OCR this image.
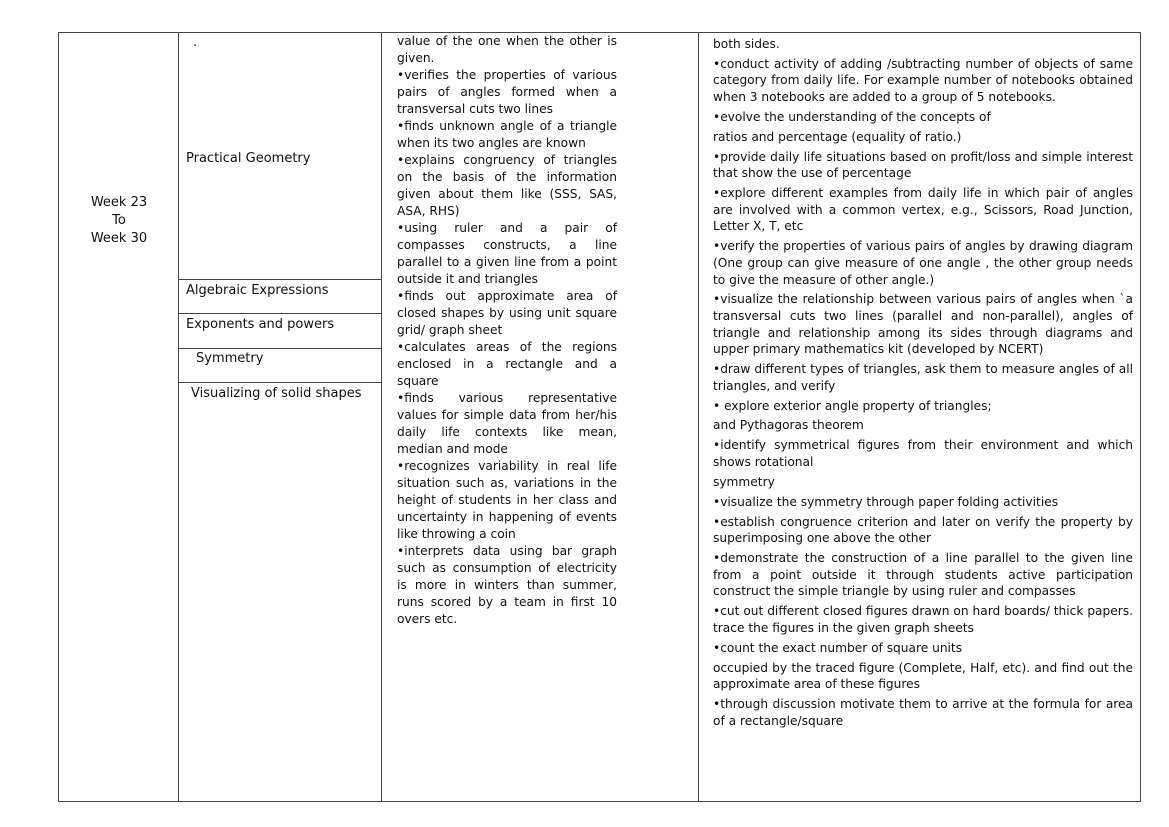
Week 23
To
Week 30
.
Practical Geometry
Algebraic Expressions
Exponents and powers
Symmetry
Visualizing of solid shapes

value of the one when the other is given.

•verifies the properties of various pairs of angles formed when a transversal cuts two lines

•finds unknown angle of a triangle when its two angles are known

•explains congruency of triangles on the basis of the information given about them like (SSS, SAS, ASA, RHS)

•using ruler and a pair of compasses constructs, a line parallel to a given line from a point outside it and triangles

•finds out approximate area of closed shapes by using unit square grid/ graph sheet

•calculates areas of the regions enclosed in a rectangle and a square

•finds various representative values for simple data from her/his daily life contexts like mean, median and mode

•recognizes variability in real life situation such as, variations in the height of students in her class and uncertainty in happening of events like throwing a coin

•interprets data using bar graph such as consumption of electricity is more in winters than summer, runs scored by a team in first 10 overs etc.

both sides.

•conduct activity of adding /subtracting number of objects of same category from daily life. For example number of notebooks obtained when 3 notebooks are added to a group of 5 notebooks.

•evolve the understanding of the concepts of

ratios and percentage (equality of ratio.)

•provide daily life situations based on profit/loss and simple interest that show the use of percentage

•explore different examples from daily life in which pair of angles are involved with a common vertex, e.g., Scissors, Road Junction, Letter X, T, etc

•verify the properties of various pairs of angles by drawing diagram (One group can give measure of one angle , the other group needs to give the measure of other angle.)

•visualize the relationship between various pairs of angles when `a transversal cuts two lines (parallel and non-parallel), angles of triangle and relationship among its sides through diagrams and upper primary mathematics kit (developed by NCERT)

•draw different types of triangles, ask them to measure angles of all triangles, and verify

• explore exterior angle property of triangles;

and Pythagoras theorem

•identify symmetrical figures from their environment and which shows rotational

symmetry

•visualize the symmetry through paper folding activities

•establish congruence criterion and later on verify the property by superimposing one above the other

•demonstrate the construction of a line parallel to the given line from a point outside it through students active participation construct the simple triangle by using ruler and compasses

•cut out different closed figures drawn on hard boards/ thick papers. trace the figures in the given graph sheets

•count the exact number of square units

occupied by the traced figure (Complete, Half, etc). and find out the approximate area of these figures

•through discussion motivate them to arrive at the formula for area of a rectangle/square
